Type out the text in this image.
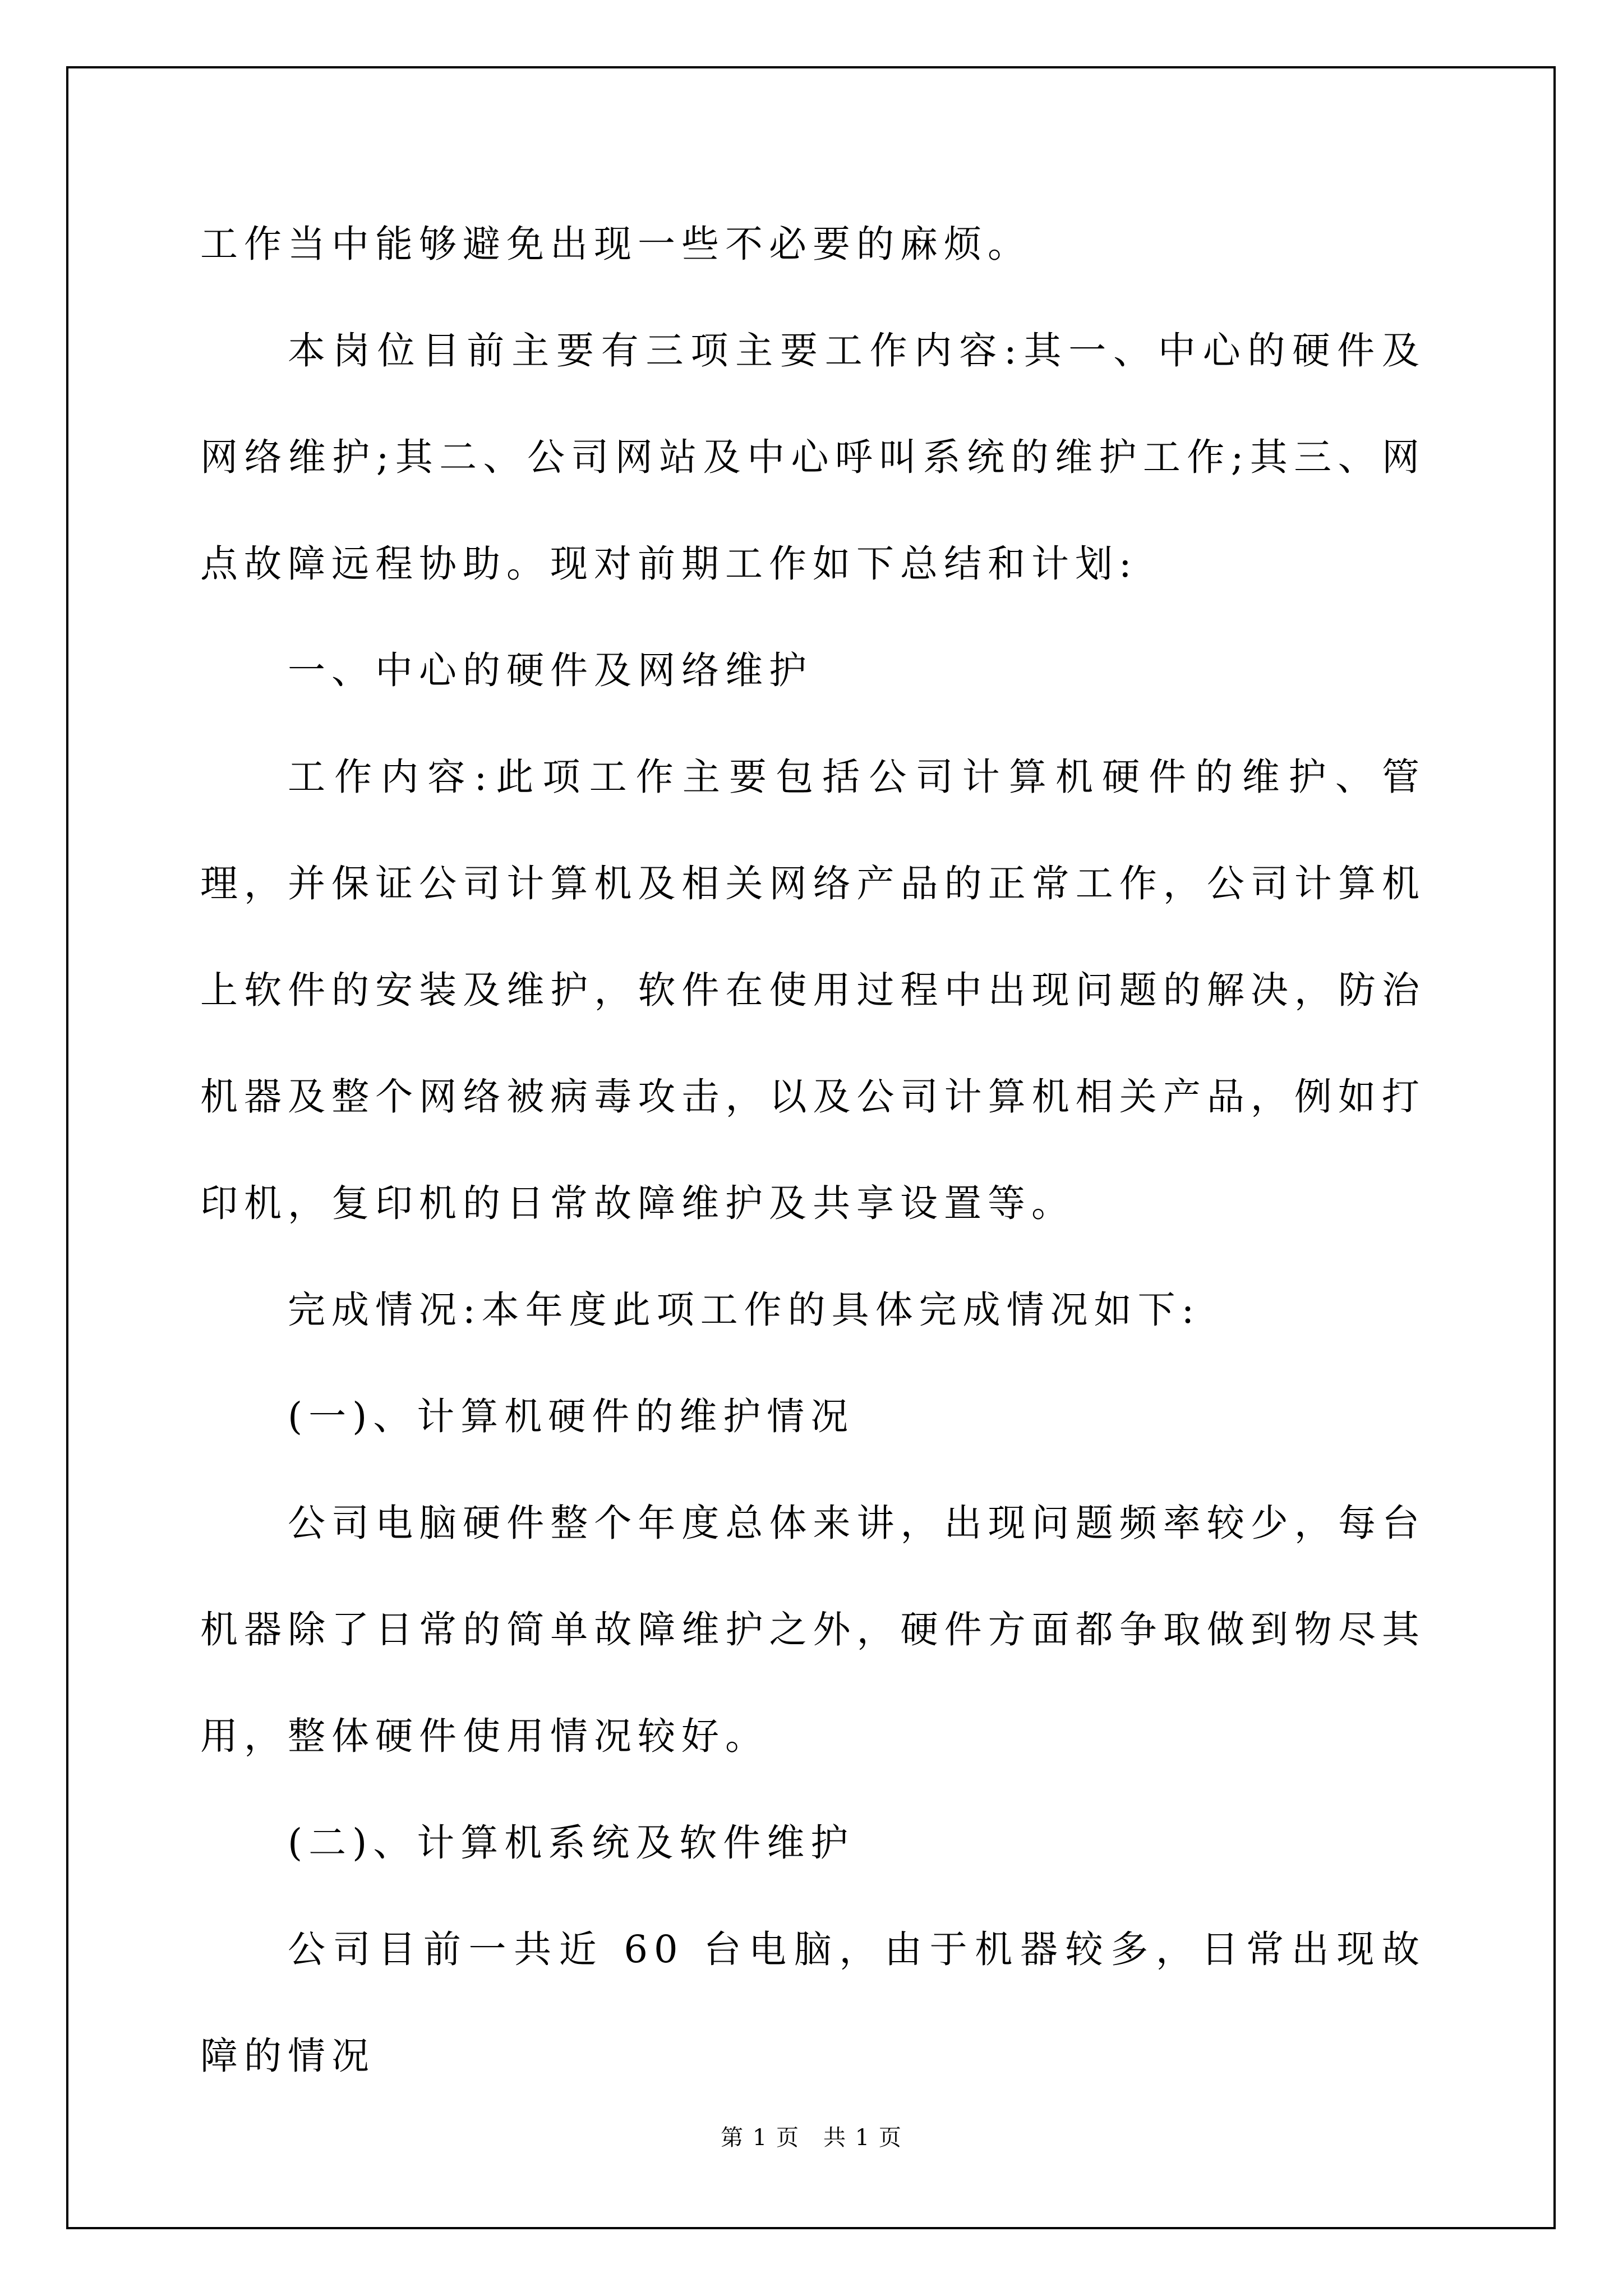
工作当中能够避免出现一些不必要的麻烦。

本岗位目前主要有三项主要工作内容:其一、中心的硬件及网络维护;其二、公司网站及中心呼叫系统的维护工作;其三、网点故障远程协助。现对前期工作如下总结和计划:

一、中心的硬件及网络维护

工作内容:此项工作主要包括公司计算机硬件的维护、管理，并保证公司计算机及相关网络产品的正常工作，公司计算机上软件的安装及维护，软件在使用过程中出现问题的解决，防治机器及整个网络被病毒攻击，以及公司计算机相关产品，例如打印机，复印机的日常故障维护及共享设置等。

完成情况:本年度此项工作的具体完成情况如下:

(一)、计算机硬件的维护情况

公司电脑硬件整个年度总体来讲，出现问题频率较少，每台机器除了日常的简单故障维护之外，硬件方面都争取做到物尽其用，整体硬件使用情况较好。

(二)、计算机系统及软件维护

公司目前一共近 60 台电脑，由于机器较多，日常出现故障的情况

第 1 页　共 1 页
